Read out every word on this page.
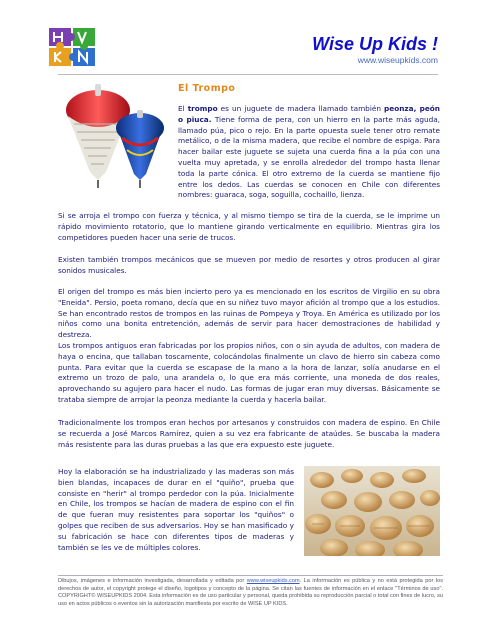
Wise Up Kids !
www.wiseupkids.com
El Trompo

El trompo es un juguete de madera llamado también peonza, peón o piuca. Tiene forma de pera, con un hierro en la parte más aguda, llamado púa, pico o rejo. En la parte opuesta suele tener otro remate metálico, o de la misma madera, que recibe el nombre de espiga. Para hacer bailar este juguete se sujeta una cuerda fina a la púa con una vuelta muy apretada, y se enrolla alrededor del trompo hasta llenar toda la parte cónica. El otro extremo de la cuerda se mantiene fijo entre los dedos. Las cuerdas se conocen en Chile con diferentes nombres: guaraca, soga, soguilla, cochaillo, lienza.

Si se arroja el trompo con fuerza y técnica, y al mismo tiempo se tira de la cuerda, se le imprime un rápido movimiento rotatorio, que lo mantiene girando verticalmente en equilibrio. Mientras gira los competidores pueden hacer una serie de trucos.

Existen también trompos mecánicos que se mueven por medio de resortes y otros producen al girar sonidos musicales.

El origen del trompo es más bien incierto pero ya es mencionado en los escritos de Virgilio en su obra "Eneida". Persio, poeta romano, decía que en su niñez tuvo mayor afición al trompo que a los estudios. Se han encontrado restos de trompos en las ruinas de Pompeya y Troya. En América es utilizado por los niños como una bonita entretención, además de servir para hacer demostraciones de habilidad y destreza.

Los trompos antiguos eran fabricadas por los propios niños, con o sin ayuda de adultos, con madera de haya o encina, que tallaban toscamente, colocándolas finalmente un clavo de hierro sin cabeza como punta. Para evitar que la cuerda se escapase de la mano a la hora de lanzar, solía anudarse en el extremo un trozo de palo, una arandela o, lo que era más corriente, una moneda de dos reales, aprovechando su agujero para hacer el nudo. Las formas de jugar eran muy diversas. Básicamente se trataba siempre de arrojar la peonza mediante la cuerda y hacerla bailar.

Tradicionalmente los trompos eran hechos por artesanos y construidos con madera de espino. En Chile se recuerda a José Marcos Ramírez, quien a su vez era fabricante de ataúdes. Se buscaba la madera más resistente para las duras pruebas a las que era expuesto este juguete.

Hoy la elaboración se ha industrializado y las maderas son más bien blandas, incapaces de durar en el "quiño", prueba que consiste en "herir" al trompo perdedor con la púa. Inicialmente en Chile, los trompos se hacían de madera de espino con el fin de que fueran muy resistentes para soportar los "quiños" o golpes que reciben de sus adversarios. Hoy se han masificado y su fabricación se hace con diferentes tipos de maderas y también se les ve de múltiples colores.

Dibujos, imágenes e información investigada, desarrollada y editada por www.wiseupkids.com. La información es pública y no está protegida por los derechos de autor, el copyright protege el diseño, logotipos y concepto de la página. Se citan las fuentes de información en el enlace "Términos de uso". COPYRIGHT© WISEUPKIDS 2004. Esta información es de uso particular y personal, queda prohibida su reproducción parcial o total con fines de lucro, su uso en actos públicos o eventos sin la autorización manifiesta por escrito de WISE UP KIDS.
